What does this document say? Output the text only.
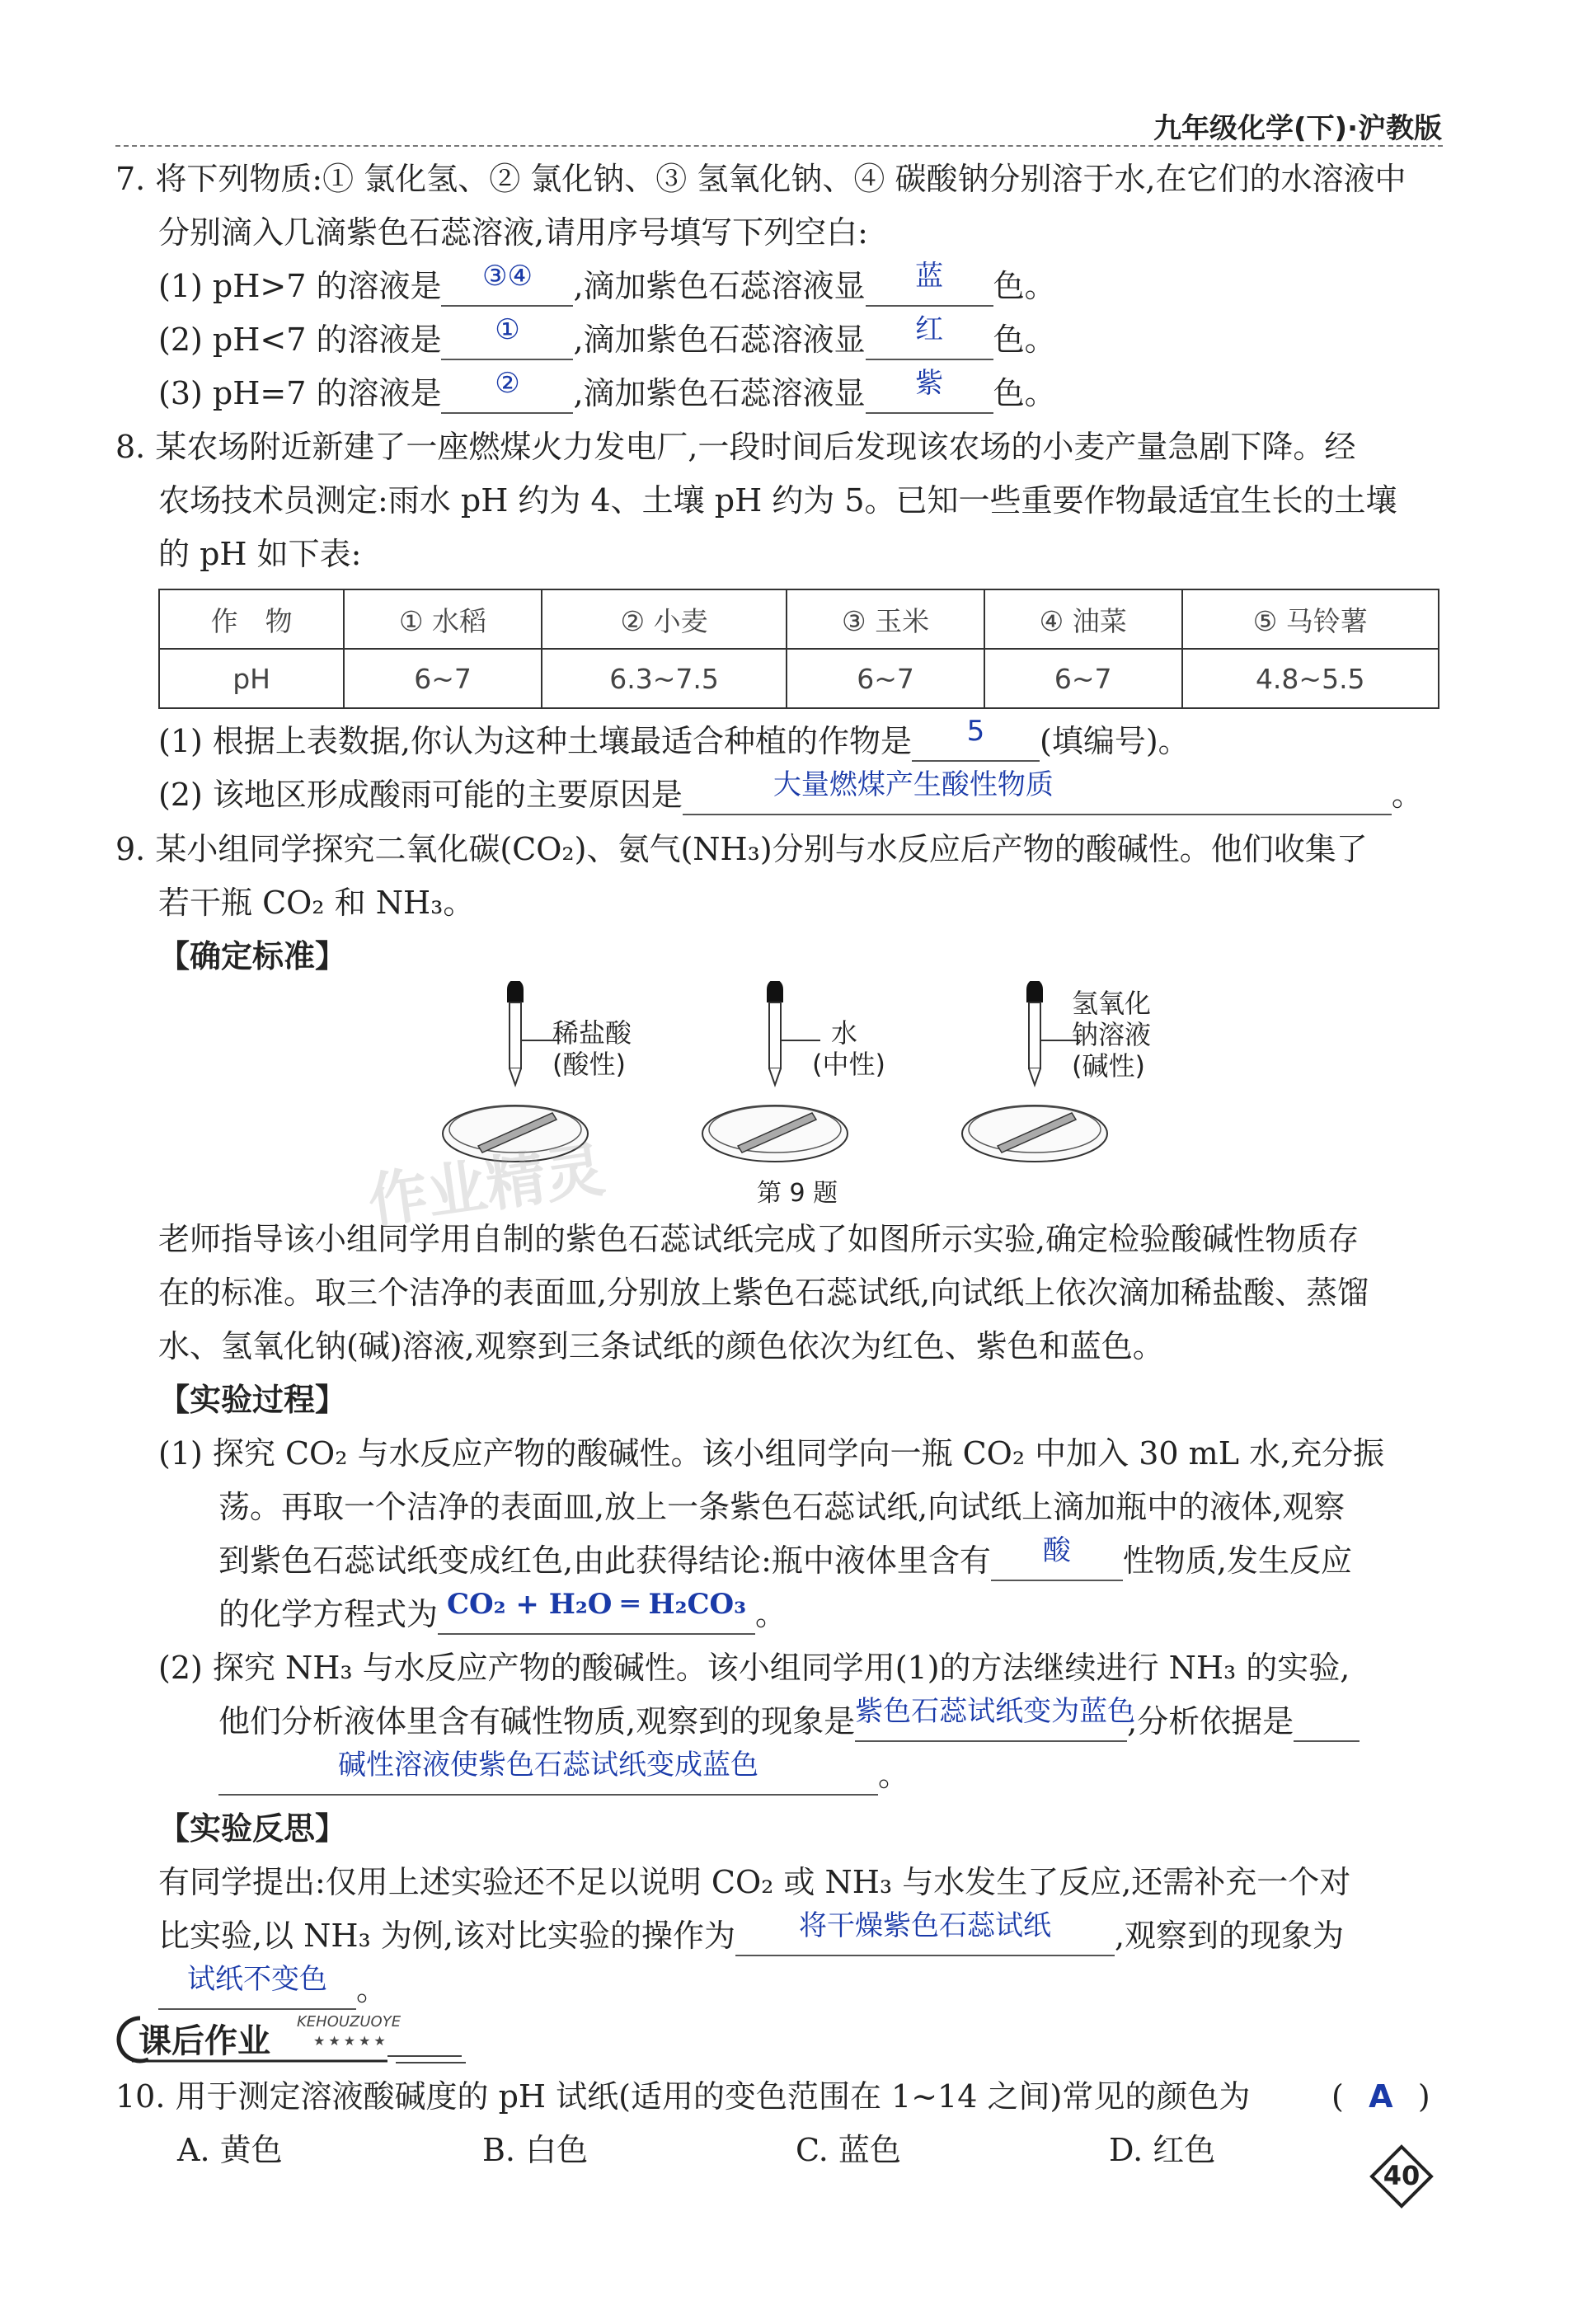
九年级化学(下)·沪教版
7. 将下列物质:① 氯化氢、② 氯化钠、③ 氢氧化钠、④ 碳酸钠分别溶于水,在它们的水溶液中
分别滴入几滴紫色石蕊溶液,请用序号填写下列空白:
(1) pH>7 的溶液是	③④	,滴加紫色石蕊溶液显	蓝	色。
(2) pH<7 的溶液是	①	,滴加紫色石蕊溶液显	红	色。
(3) pH=7 的溶液是	②	,滴加紫色石蕊溶液显	紫	色。
8. 某农场附近新建了一座燃煤火力发电厂,一段时间后发现该农场的小麦产量急剧下降。经
农场技术员测定:雨水 pH 约为 4、土壤 pH 约为 5。已知一些重要作物最适宜生长的土壤
的 pH 如下表:
作　物	① 水稻	② 小麦	③ 玉米	④ 油菜	⑤ 马铃薯
pH	6~7	6.3~7.5	6~7	6~7	4.8~5.5
(1) 根据上表数据,你认为这种土壤最适合种植的作物是	5	(填编号)。
(2) 该地区形成酸雨可能的主要原因是	大量燃煤产生酸性物质	。
9. 某小组同学探究二氧化碳(CO₂)、氨气(NH₃)分别与水反应后产物的酸碱性。他们收集了
若干瓶 CO₂ 和 NH₃。
【确定标准】
稀盐酸
(酸性)
水
(中性)
氢氧化
钠溶液
(碱性)
第 9 题
作业精灵
老师指导该小组同学用自制的紫色石蕊试纸完成了如图所示实验,确定检验酸碱性物质存
在的标准。取三个洁净的表面皿,分别放上紫色石蕊试纸,向试纸上依次滴加稀盐酸、蒸馏
水、氢氧化钠(碱)溶液,观察到三条试纸的颜色依次为红色、紫色和蓝色。
【实验过程】
(1) 探究 CO₂ 与水反应产物的酸碱性。该小组同学向一瓶 CO₂ 中加入 30 mL 水,充分振
荡。再取一个洁净的表面皿,放上一条紫色石蕊试纸,向试纸上滴加瓶中的液体,观察
到紫色石蕊试纸变成红色,由此获得结论:瓶中液体里含有	酸	性物质,发生反应
的化学方程式为 CO₂ + H₂O ═ H₂CO₃ 。
(2) 探究 NH₃ 与水反应产物的酸碱性。该小组同学用(1)的方法继续进行 NH₃ 的实验,
他们分析液体里含有碱性物质,观察到的现象是 紫色石蕊试纸变为蓝色
,分析依据是
碱性溶液使紫色石蕊试纸变成蓝色	。
【实验反思】
有同学提出:仅用上述实验还不足以说明 CO₂ 或 NH₃ 与水发生了反应,还需补充一个对
比实验,以 NH₃ 为例,该对比实验的操作为	将干燥紫色石蕊试纸	,观察到的现象为
试纸不变色 。
课后作业
KEHOUZUOYE
★★★★★
10. 用于测定溶液酸碱度的 pH 试纸(适用的变色范围在 1~14 之间)常见的颜色为	( A )
A. 黄色	B. 白色	C. 蓝色	D. 红色
40
